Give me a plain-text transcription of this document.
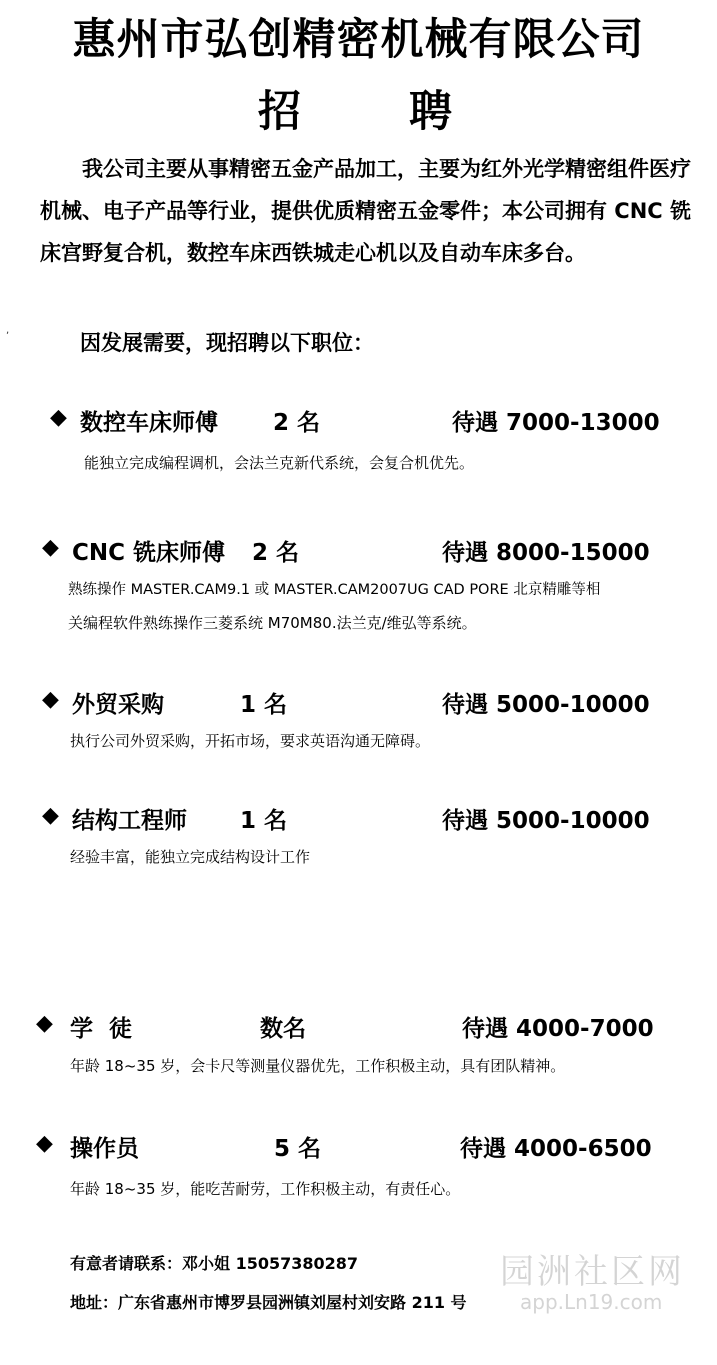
惠州市弘创精密机械有限公司
招	聘
我公司主要从事精密五金产品加工，主要为红外光学精密组件医疗机械、电子产品等行业，提供优质精密五金零件；本公司拥有 CNC 铣床宫野复合机，数控车床西铁城走心机以及自动车床多台。
,
因发展需要，现招聘以下职位：
◆ 数控车床师傅 2 名	待遇 7000-13000
能独立完成编程调机，会法兰克新代系统，会复合机优先。
◆ CNC 铣床师傅 2 名	待遇 8000-15000
熟练操作 MASTER.CAM9.1 或 MASTER.CAM2007UG CAD PORE 北京精雕等相
关编程软件熟练操作三菱系统 M70M80.法兰克/维弘等系统。
◆ 外贸采购	1 名	待遇 5000-10000
执行公司外贸采购，开拓市场，要求英语沟通无障碍。
◆ 结构工程师 1 名	待遇 5000-10000
经验丰富，能独立完成结构设计工作
◆ 学  徒	数名	待遇 4000-7000
年龄 18~35 岁，会卡尺等测量仪器优先，工作积极主动，具有团队精神。
◆ 操作员	5 名	待遇 4000-6500
年龄 18~35 岁，能吃苦耐劳，工作积极主动，有责任心。
园洲社区网
app.Ln19.com
有意者请联系：邓小姐 15057380287
地址：广东省惠州市博罗县园洲镇刘屋村刘安路 211 号
